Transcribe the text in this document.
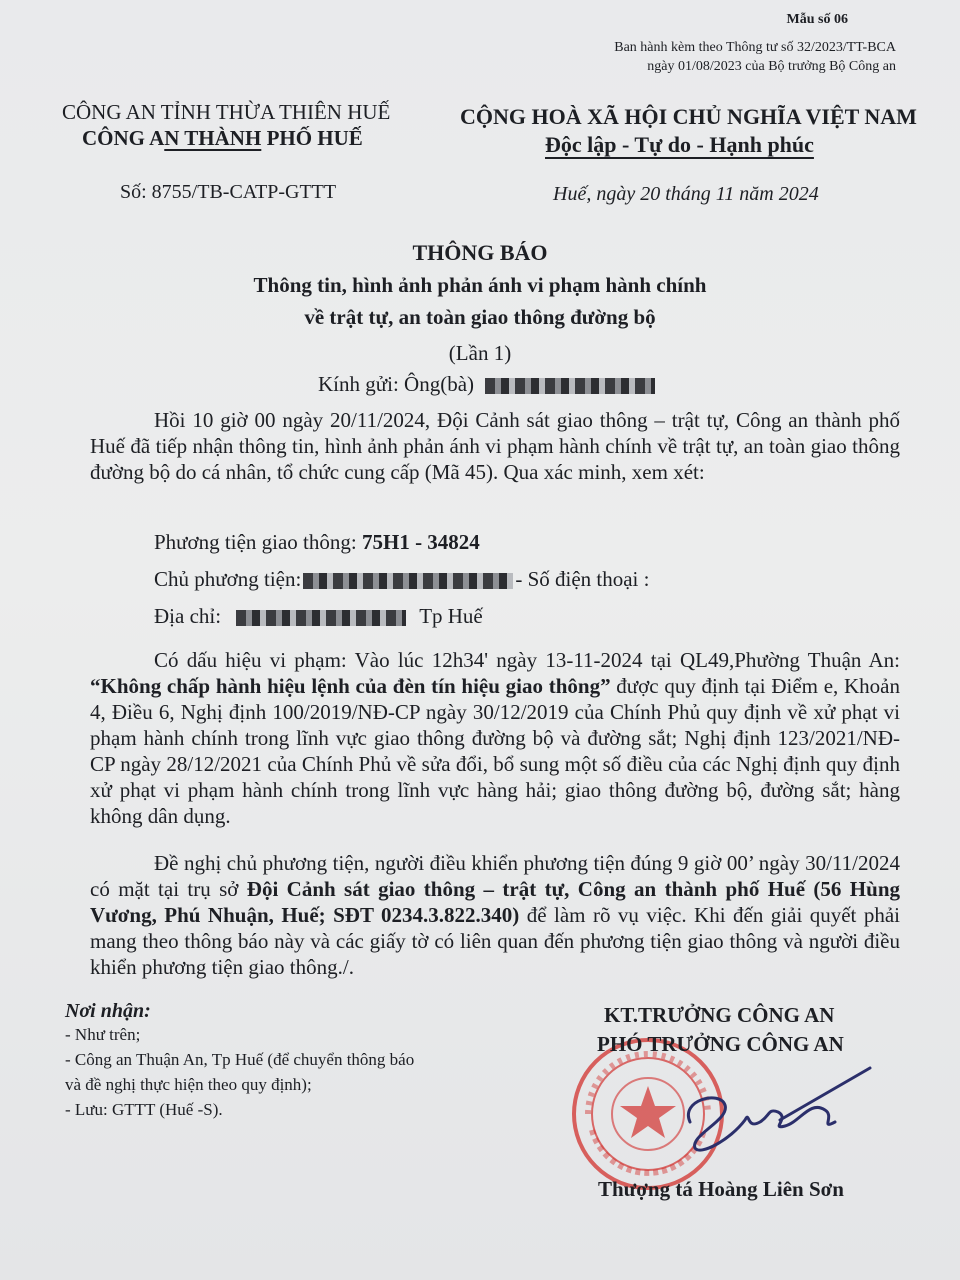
Mẫu số 06
Ban hành kèm theo Thông tư số 32/2023/TT-BCA
ngày 01/08/2023 của Bộ trưởng Bộ Công an
CÔNG AN TỈNH THỪA THIÊN HUẾ
CÔNG AN THÀNH PHỐ HUẾ
CỘNG HOÀ XÃ HỘI CHỦ NGHĨA VIỆT NAM
Độc lập - Tự do - Hạnh phúc
Số: 8755/TB-CATP-GTTT	Huế, ngày 20 tháng 11 năm 2024
THÔNG BÁO
Thông tin, hình ảnh phản ánh vi phạm hành chính
về trật tự, an toàn giao thông đường bộ
(Lần 1)
Kính gửi: Ông(bà)
Hồi 10 giờ 00 ngày 20/11/2024, Đội Cảnh sát giao thông – trật tự, Công an thành phố Huế đã tiếp nhận thông tin, hình ảnh phản ánh vi phạm hành chính về trật tự, an toàn giao thông đường bộ do cá nhân, tổ chức cung cấp (Mã 45). Qua xác minh, xem xét:
Phương tiện giao thông: 75H1 - 34824
Chủ phương tiện:	- Số điện thoại :
Địa chỉ:	Tp Huế
Có dấu hiệu vi phạm: Vào lúc 12h34' ngày 13-11-2024 tại QL49,Phường Thuận An: “Không chấp hành hiệu lệnh của đèn tín hiệu giao thông” được quy định tại Điểm e, Khoản 4, Điều 6, Nghị định 100/2019/NĐ-CP ngày 30/12/2019 của Chính Phủ quy định về xử phạt vi phạm hành chính trong lĩnh vực giao thông đường bộ và đường sắt; Nghị định 123/2021/NĐ-CP ngày 28/12/2021 của Chính Phủ về sửa đổi, bổ sung một số điều của các Nghị định quy định xử phạt vi phạm hành chính trong lĩnh vực hàng hải; giao thông đường bộ, đường sắt; hàng không dân dụng.
Đề nghị chủ phương tiện, người điều khiển phương tiện đúng 9 giờ 00’ ngày 30/11/2024 có mặt tại trụ sở Đội Cảnh sát giao thông – trật tự, Công an thành phố Huế (56 Hùng Vương, Phú Nhuận, Huế; SĐT 0234.3.822.340) để làm rõ vụ việc. Khi đến giải quyết phải mang theo thông báo này và các giấy tờ có liên quan đến phương tiện giao thông và người điều khiển phương tiện giao thông./.
Nơi nhận:
- Như trên;
- Công an Thuận An, Tp Huế (để chuyển thông báo
và đề nghị thực hiện theo quy định);
- Lưu: GTTT (Huế -S).
KT.TRƯỞNG CÔNG AN
PHÓ TRƯỞNG CÔNG AN
Thượng tá Hoàng Liên Sơn
